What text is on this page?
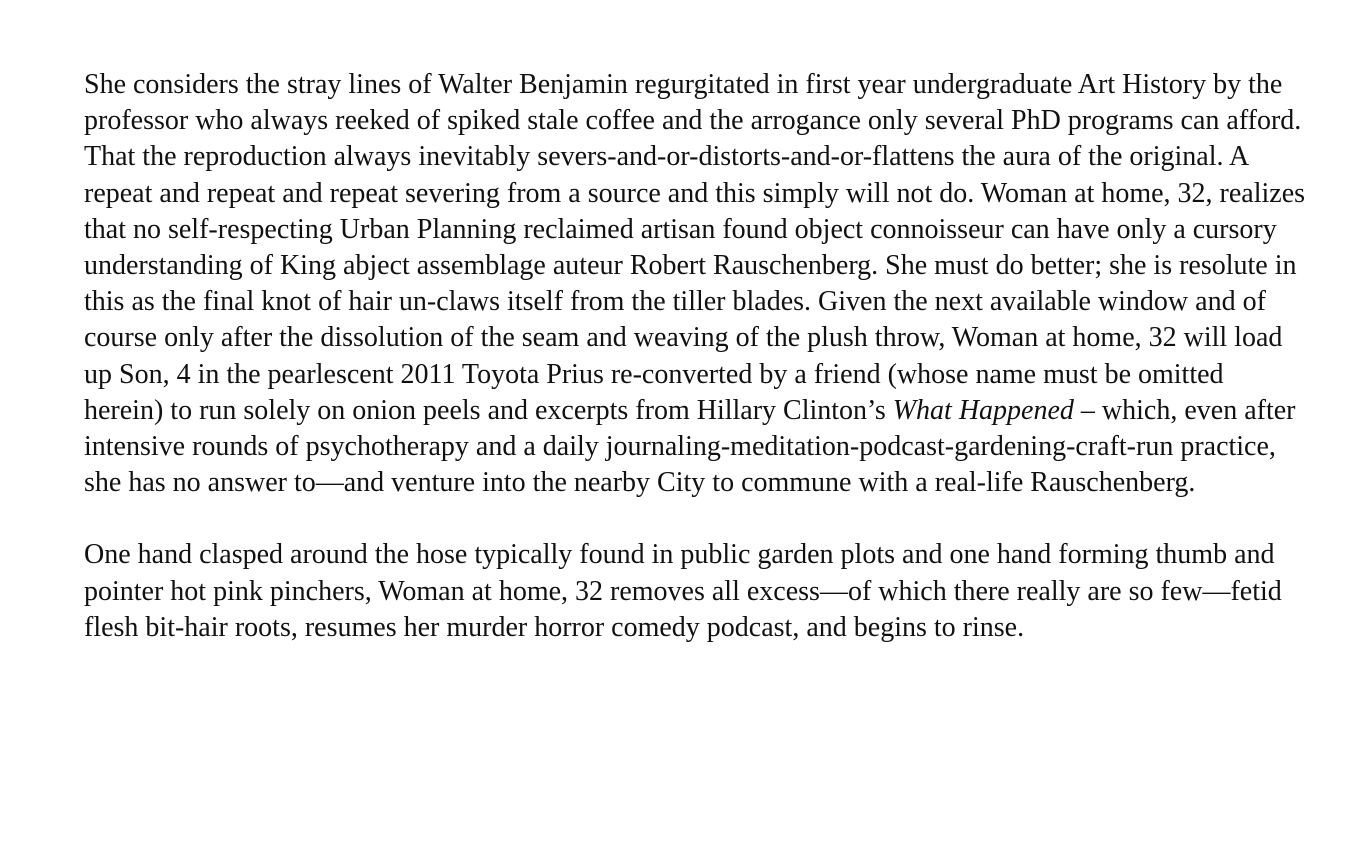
She considers the stray lines of Walter Benjamin regurgitated in first year undergraduate Art History by the professor who always reeked of spiked stale coffee and the arrogance only several PhD programs can afford. That the reproduction always inevitably severs-and-or-distorts-and-or-flattens the aura of the original. A repeat and repeat and repeat severing from a source and this simply will not do. Woman at home, 32, realizes that no self-respecting Urban Planning reclaimed artisan found object connoisseur can have only a cursory understanding of King abject assemblage auteur Robert Rauschenberg. She must do better; she is resolute in this as the final knot of hair un-claws itself from the tiller blades. Given the next available window and of course only after the dissolution of the seam and weaving of the plush throw, Woman at home, 32 will load up Son, 4 in the pearlescent 2011 Toyota Prius re-converted by a friend (whose name must be omitted herein) to run solely on onion peels and excerpts from Hillary Clinton’s What Happened – which, even after intensive rounds of psychotherapy and a daily journaling-meditation-podcast-gardening-craft-run practice, she has no answer to—and venture into the nearby City to commune with a real-life Rauschenberg.

One hand clasped around the hose typically found in public garden plots and one hand forming thumb and pointer hot pink pinchers, Woman at home, 32 removes all excess—of which there really are so few—fetid flesh bit-hair roots, resumes her murder horror comedy podcast, and begins to rinse.
